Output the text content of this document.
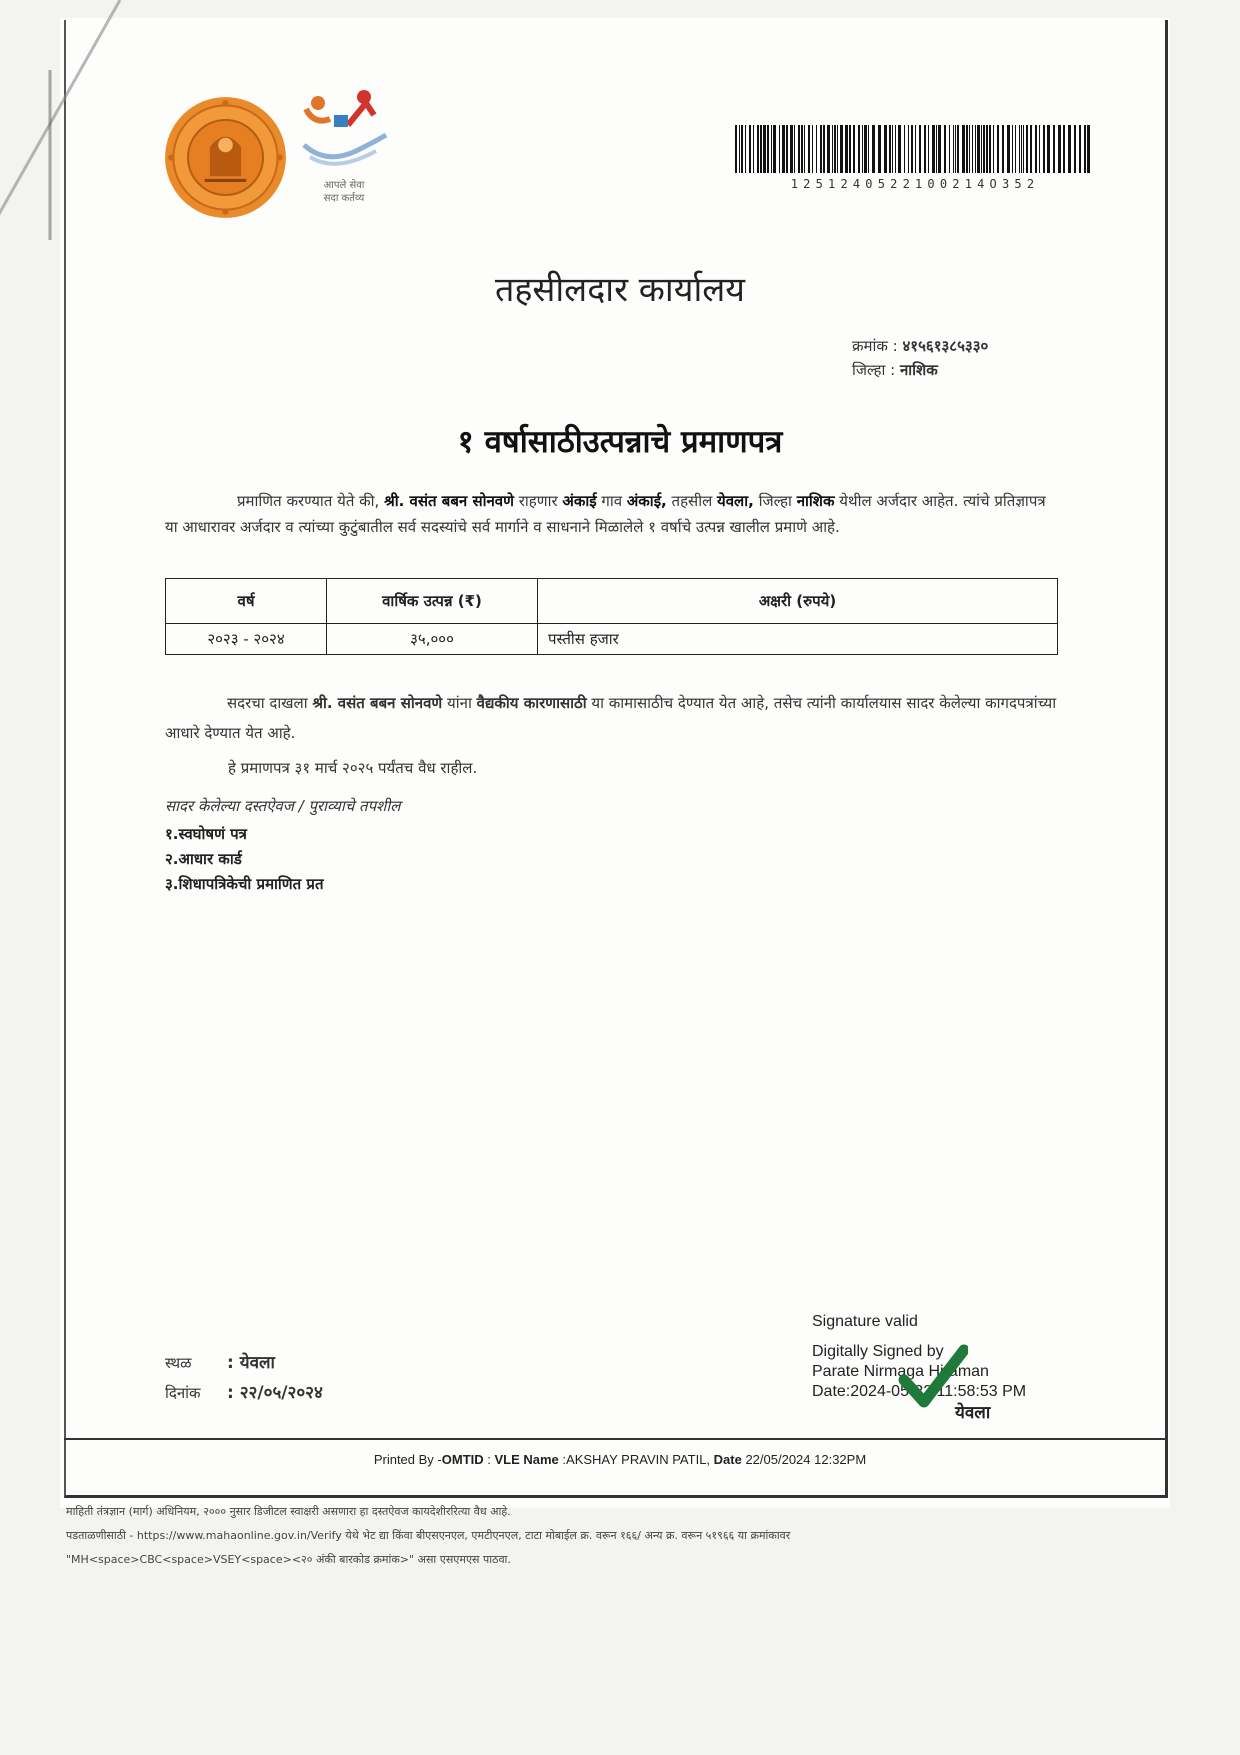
आपले सेवा
सदा कर्तव्य
1251240522100214O352
तहसीलदार कार्यालय
क्रमांक : ४१५६१३८५३३०
जिल्हा : नाशिक
१ वर्षासाठीउत्पन्नाचे प्रमाणपत्र
प्रमाणित करण्यात येते की, श्री. वसंत बबन सोनवणे राहणार अंकाई गाव अंकाई, तहसील येवला, जिल्हा नाशिक येथील अर्जदार आहेत. त्यांचे प्रतिज्ञापत्र या आधारावर अर्जदार व त्यांच्या कुटुंबातील सर्व सदस्यांचे सर्व मार्गाने व साधनाने मिळालेले १ वर्षाचे उत्पन्न खालील प्रमाणे आहे.
वर्ष	वार्षिक उत्पन्न (₹)	अक्षरी (रुपये)
२०२३ - २०२४	३५,०००	पस्तीस हजार
सदरचा दाखला श्री. वसंत बबन सोनवणे यांना वैद्यकीय कारणासाठी या कामासाठीच देण्यात येत आहे, तसेच त्यांनी कार्यालयास सादर केलेल्या कागदपत्रांच्या आधारे देण्यात येत आहे.
हे प्रमाणपत्र ३१ मार्च २०२५ पर्यंतच वैध राहील.
सादर केलेल्या दस्तऐवज / पुराव्याचे तपशील
१.स्वघोषणं पत्र
२.आधार कार्ड
३.शिधापत्रिकेची प्रमाणित प्रत
स्थळ : येवला
दिनांक : २२/०५/२०२४
Signature valid
Digitally Signed by
Parate Nirmaga Hiraman
Date:2024-05-22 11:58:53 PM
येवला
Printed By -OMTID : VLE Name :AKSHAY PRAVIN PATIL, Date 22/05/2024 12:32PM
माहिती तंत्रज्ञान (मार्ग) अधिनियम, २००० नुसार डिजीटल स्वाक्षरी असणारा हा दस्तऐवज कायदेशीररित्या वैध आहे.
पडताळणीसाठी - https://www.mahaonline.gov.in/Verify येथे भेट द्या किंवा बीएसएनएल, एमटीएनएल, टाटा मोबाईल क्र. वरून १६६/ अन्य क्र. वरून ५१९६६ या क्रमांकावर
"MH<space>CBC<space>VSEY<space><२० अंकी बारकोड क्रमांक>" असा एसएमएस पाठवा.
